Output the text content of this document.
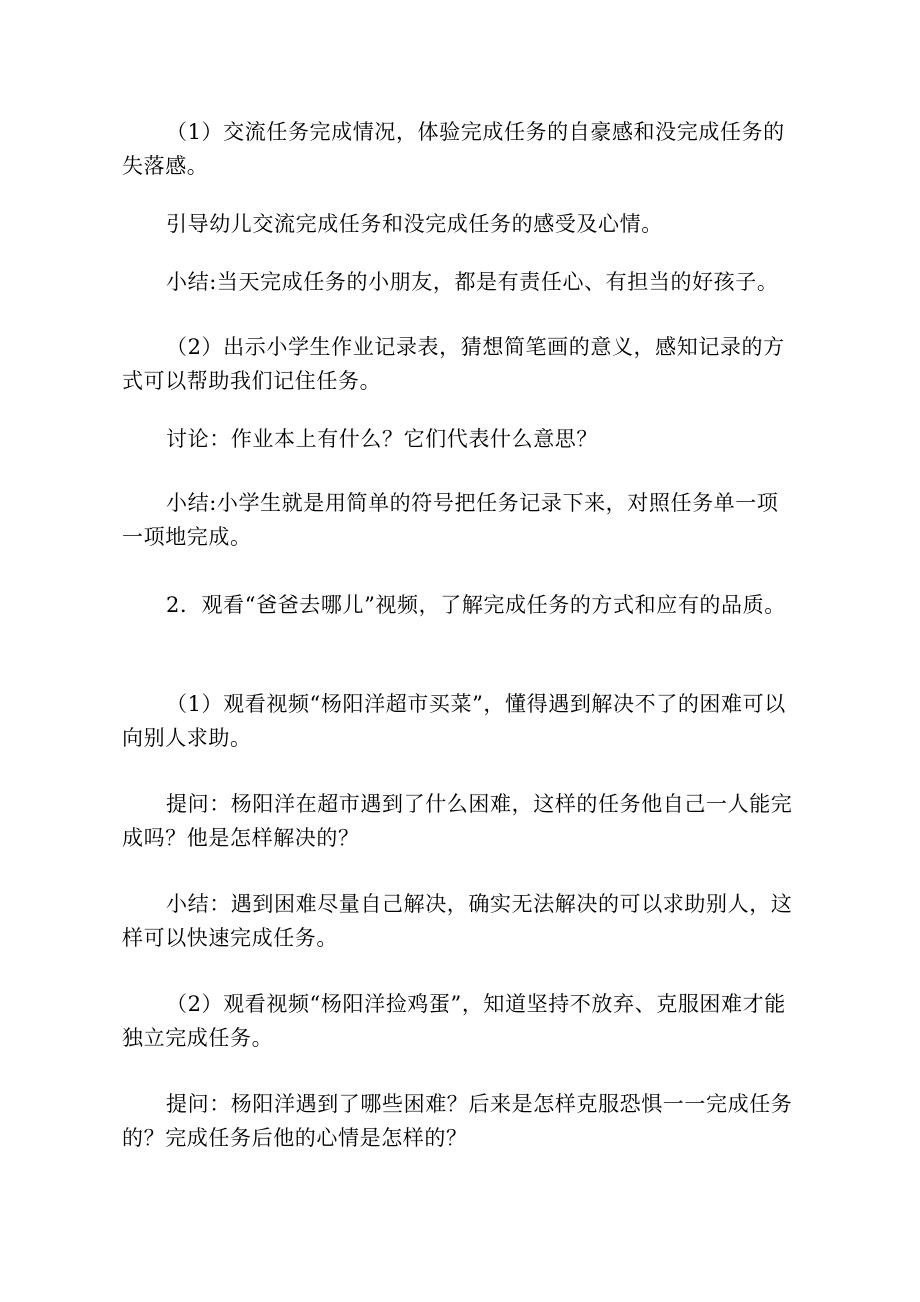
（1）交流任务完成情况，体验完成任务的自豪感和没完成任务的失落感。

引导幼儿交流完成任务和没完成任务的感受及心情。

小结:当天完成任务的小朋友，都是有责任心、有担当的好孩子。

（2）出示小学生作业记录表，猜想简笔画的意义，感知记录的方式可以帮助我们记住任务。

讨论：作业本上有什么？它们代表什么意思？

小结:小学生就是用简单的符号把任务记录下来，对照任务单一项一项地完成。

2．观看“爸爸去哪儿”视频，了解完成任务的方式和应有的品质。

（1）观看视频“杨阳洋超市买菜”，懂得遇到解决不了的困难可以向别人求助。

提问：杨阳洋在超市遇到了什么困难，这样的任务他自己一人能完成吗？他是怎样解决的？

小结：遇到困难尽量自己解决，确实无法解决的可以求助别人，这样可以快速完成任务。

（2）观看视频“杨阳洋捡鸡蛋”，知道坚持不放弃、克服困难才能独立完成任务。

提问：杨阳洋遇到了哪些困难？后来是怎样克服恐惧一一完成任务的？完成任务后他的心情是怎样的？
